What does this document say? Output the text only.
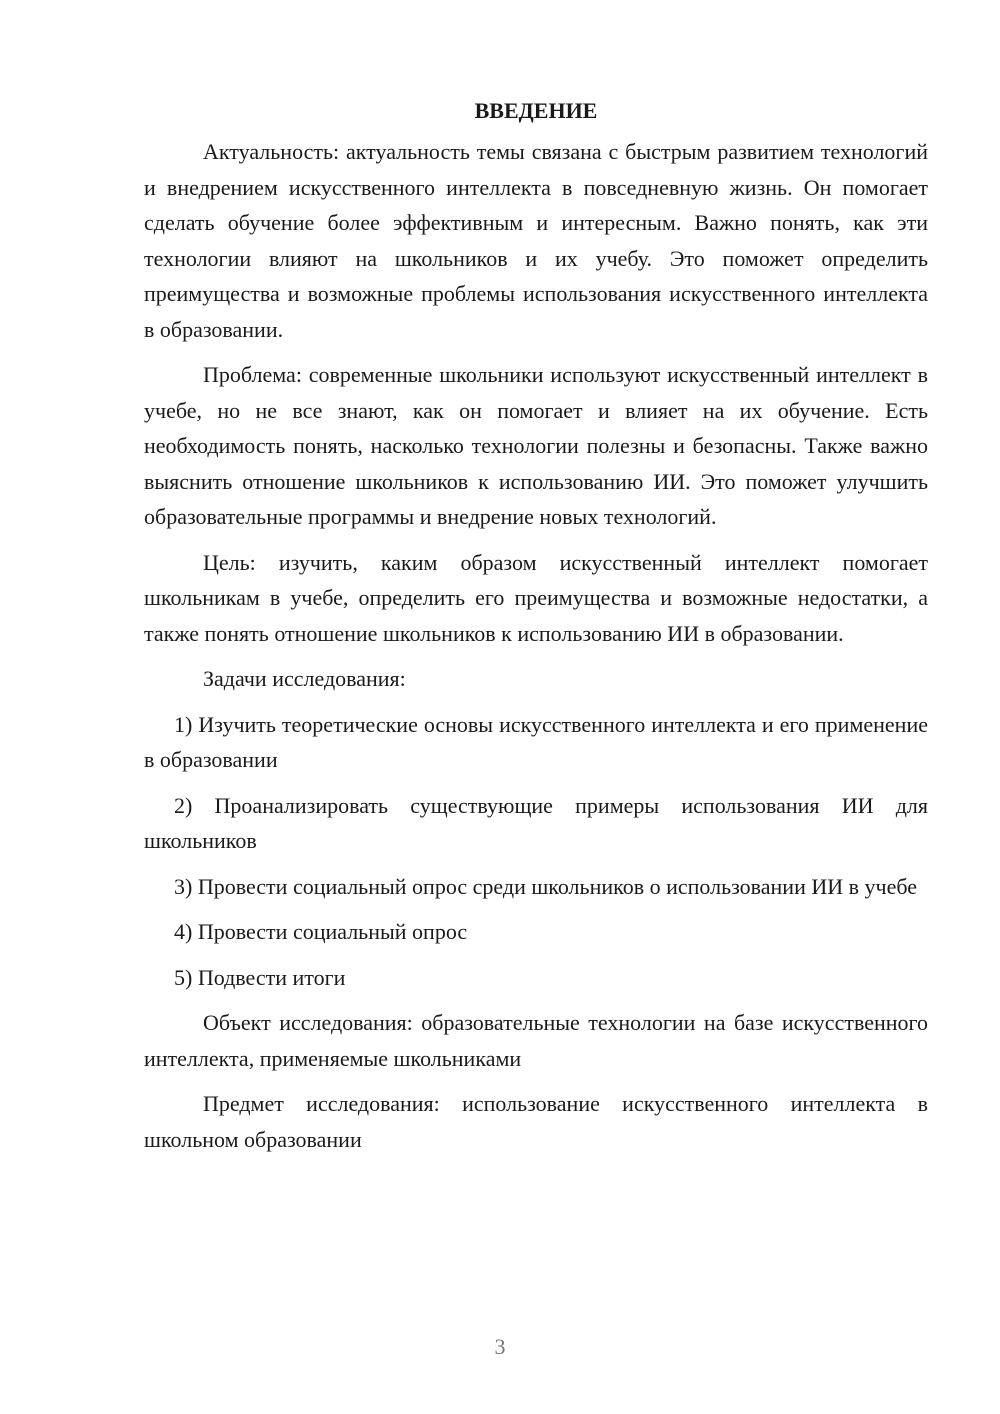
ВВЕДЕНИЕ

Актуальность: актуальность темы связана с быстрым развитием технологий и внедрением искусственного интеллекта в повседневную жизнь. Он помогает сделать обучение более эффективным и интересным. Важно понять, как эти технологии влияют на школьников и их учебу. Это поможет определить преимущества и возможные проблемы использования искусственного интеллекта в образовании.

Проблема: современные школьники используют искусственный интеллект в учебе, но не все знают, как он помогает и влияет на их обучение. Есть необходимость понять, насколько технологии полезны и безопасны. Также важно выяснить отношение школьников к использованию ИИ. Это поможет улучшить образовательные программы и внедрение новых технологий.

Цель: изучить, каким образом искусственный интеллект помогает школьникам в учебе, определить его преимущества и возможные недостатки, а также понять отношение школьников к использованию ИИ в образовании.

Задачи исследования:

1) Изучить теоретические основы искусственного интеллекта и его применение в образовании

2) Проанализировать существующие примеры использования ИИ для школьников

3) Провести социальный опрос среди школьников о использовании ИИ в учебе

4) Провести социальный опрос

5) Подвести итоги

Объект исследования: образовательные технологии на базе искусственного интеллекта, применяемые школьниками

Предмет исследования: использование искусственного интеллекта в школьном образовании

3
